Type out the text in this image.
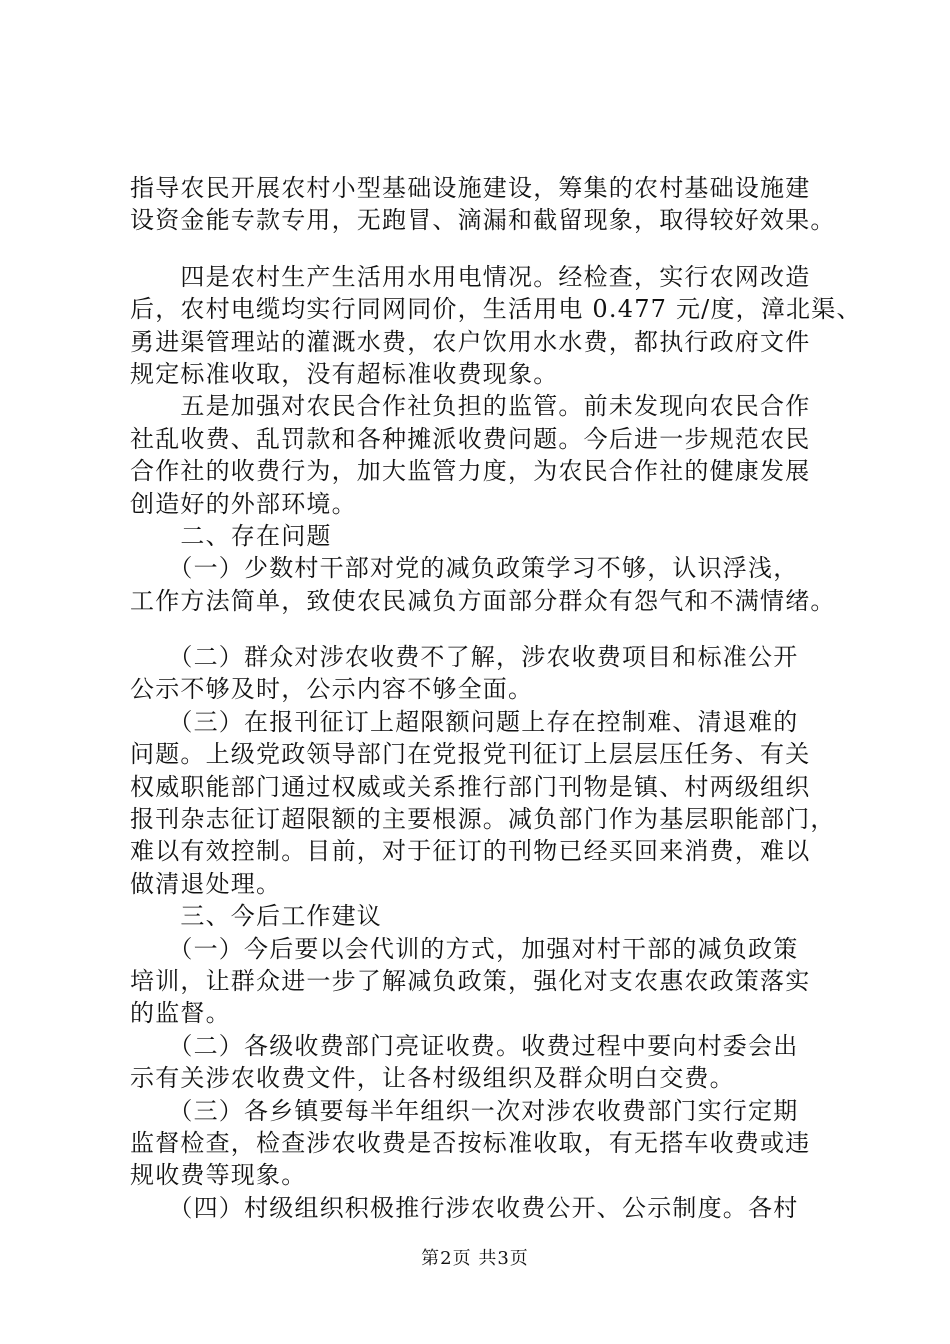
指导农民开展农村小型基础设施建设，筹集的农村基础设施建
设资金能专款专用，无跑冒、滴漏和截留现象，取得较好效果。
　　四是农村生产生活用水用电情况。经检查，实行农网改造
后，农村电缆均实行同网同价，生活用电 0.477 元/度，漳北渠、
勇进渠管理站的灌溉水费，农户饮用水水费，都执行政府文件
规定标准收取，没有超标准收费现象。
　　五是加强对农民合作社负担的监管。前未发现向农民合作
社乱收费、乱罚款和各种摊派收费问题。今后进一步规范农民
合作社的收费行为，加大监管力度，为农民合作社的健康发展
创造好的外部环境。
　　二、存在问题
　　（一）少数村干部对党的减负政策学习不够，认识浮浅，
工作方法简单，致使农民减负方面部分群众有怨气和不满情绪。
　　（二）群众对涉农收费不了解，涉农收费项目和标准公开
公示不够及时，公示内容不够全面。
　　（三）在报刊征订上超限额问题上存在控制难、清退难的
问题。上级党政领导部门在党报党刊征订上层层压任务、有关
权威职能部门通过权威或关系推行部门刊物是镇、村两级组织
报刊杂志征订超限额的主要根源。减负部门作为基层职能部门，
难以有效控制。目前，对于征订的刊物已经买回来消费，难以
做清退处理。
　　三、今后工作建议
　　（一）今后要以会代训的方式，加强对村干部的减负政策
培训，让群众进一步了解减负政策，强化对支农惠农政策落实
的监督。
　　（二）各级收费部门亮证收费。收费过程中要向村委会出
示有关涉农收费文件，让各村级组织及群众明白交费。
　　（三）各乡镇要每半年组织一次对涉农收费部门实行定期
监督检查，检查涉农收费是否按标准收取，有无搭车收费或违
规收费等现象。
　　（四）村级组织积极推行涉农收费公开、公示制度。各村
第2页 共3页
